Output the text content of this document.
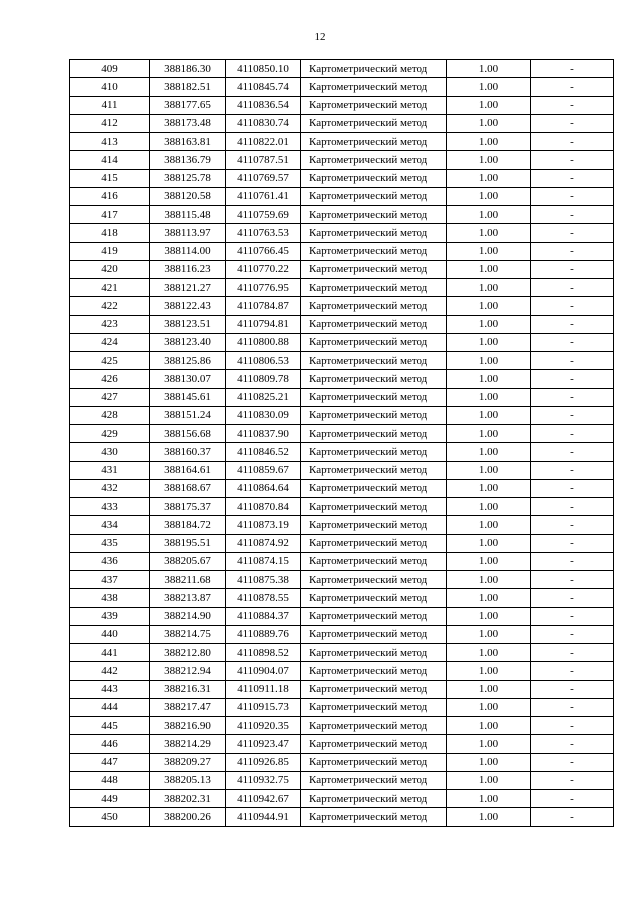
12
409	388186.30	4110850.10	Картометрический метод	1.00	-
410	388182.51	4110845.74	Картометрический метод	1.00	-
411	388177.65	4110836.54	Картометрический метод	1.00	-
412	388173.48	4110830.74	Картометрический метод	1.00	-
413	388163.81	4110822.01	Картометрический метод	1.00	-
414	388136.79	4110787.51	Картометрический метод	1.00	-
415	388125.78	4110769.57	Картометрический метод	1.00	-
416	388120.58	4110761.41	Картометрический метод	1.00	-
417	388115.48	4110759.69	Картометрический метод	1.00	-
418	388113.97	4110763.53	Картометрический метод	1.00	-
419	388114.00	4110766.45	Картометрический метод	1.00	-
420	388116.23	4110770.22	Картометрический метод	1.00	-
421	388121.27	4110776.95	Картометрический метод	1.00	-
422	388122.43	4110784.87	Картометрический метод	1.00	-
423	388123.51	4110794.81	Картометрический метод	1.00	-
424	388123.40	4110800.88	Картометрический метод	1.00	-
425	388125.86	4110806.53	Картометрический метод	1.00	-
426	388130.07	4110809.78	Картометрический метод	1.00	-
427	388145.61	4110825.21	Картометрический метод	1.00	-
428	388151.24	4110830.09	Картометрический метод	1.00	-
429	388156.68	4110837.90	Картометрический метод	1.00	-
430	388160.37	4110846.52	Картометрический метод	1.00	-
431	388164.61	4110859.67	Картометрический метод	1.00	-
432	388168.67	4110864.64	Картометрический метод	1.00	-
433	388175.37	4110870.84	Картометрический метод	1.00	-
434	388184.72	4110873.19	Картометрический метод	1.00	-
435	388195.51	4110874.92	Картометрический метод	1.00	-
436	388205.67	4110874.15	Картометрический метод	1.00	-
437	388211.68	4110875.38	Картометрический метод	1.00	-
438	388213.87	4110878.55	Картометрический метод	1.00	-
439	388214.90	4110884.37	Картометрический метод	1.00	-
440	388214.75	4110889.76	Картометрический метод	1.00	-
441	388212.80	4110898.52	Картометрический метод	1.00	-
442	388212.94	4110904.07	Картометрический метод	1.00	-
443	388216.31	4110911.18	Картометрический метод	1.00	-
444	388217.47	4110915.73	Картометрический метод	1.00	-
445	388216.90	4110920.35	Картометрический метод	1.00	-
446	388214.29	4110923.47	Картометрический метод	1.00	-
447	388209.27	4110926.85	Картометрический метод	1.00	-
448	388205.13	4110932.75	Картометрический метод	1.00	-
449	388202.31	4110942.67	Картометрический метод	1.00	-
450	388200.26	4110944.91	Картометрический метод	1.00	-
